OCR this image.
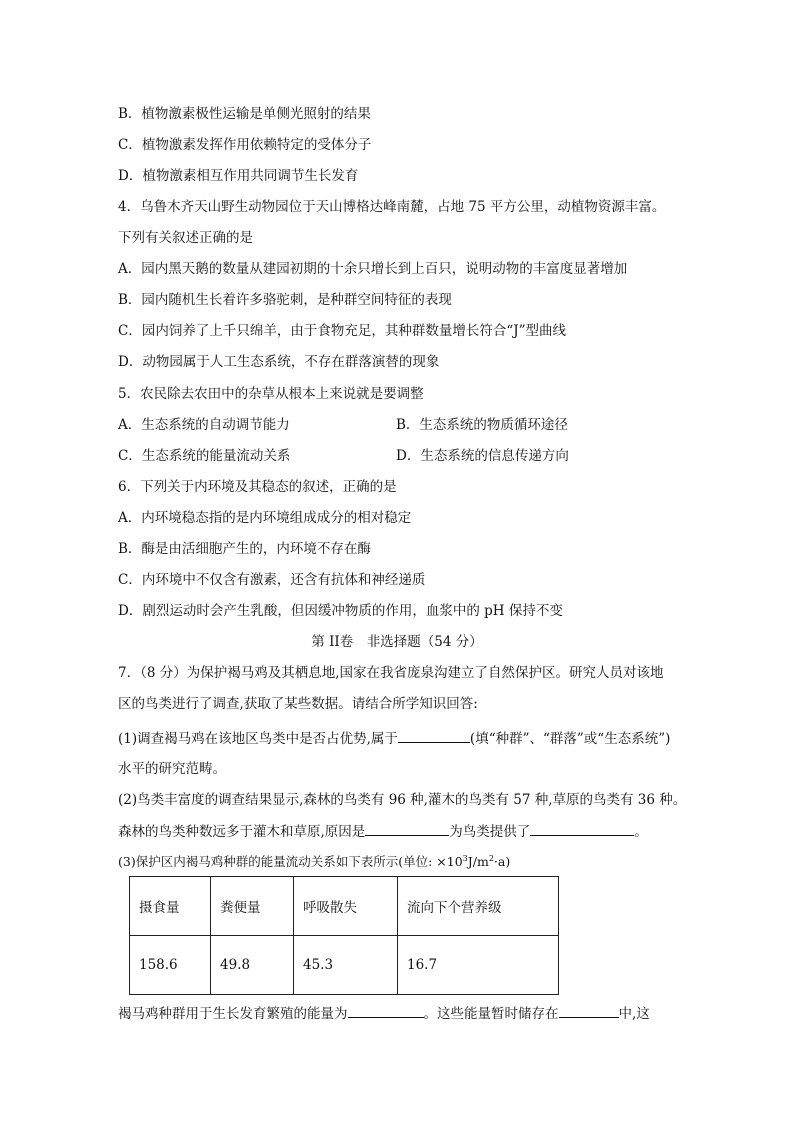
B．植物激素极性运输是单侧光照射的结果
C．植物激素发挥作用依赖特定的受体分子
D．植物激素相互作用共同调节生长发育
4．乌鲁木齐天山野生动物园位于天山博格达峰南麓，占地 75 平方公里，动植物资源丰富。
下列有关叙述正确的是
A．园内黑天鹅的数量从建园初期的十余只增长到上百只，说明动物的丰富度显著增加
B．园内随机生长着许多骆驼刺，是种群空间特征的表现
C．园内饲养了上千只绵羊，由于食物充足，其种群数量增长符合“J”型曲线
D．动物园属于人工生态系统，不存在群落演替的现象
5．农民除去农田中的杂草从根本上来说就是要调整
A．生态系统的自动调节能力	B．生态系统的物质循环途径
C．生态系统的能量流动关系	D．生态系统的信息传递方向
6．下列关于内环境及其稳态的叙述，正确的是
A．内环境稳态指的是内环境组成成分的相对稳定
B．酶是由活细胞产生的，内环境不存在酶
C．内环境中不仅含有激素，还含有抗体和神经递质
D．剧烈运动时会产生乳酸，但因缓冲物质的作用，血浆中的 pH 保持不变
第 II卷　非选择题（54 分）
7．（8 分）为保护褐马鸡及其栖息地,国家在我省庞泉沟建立了自然保护区。研究人员对该地
区的鸟类进行了调查,获取了某些数据。请结合所学知识回答:
(1)调查褐马鸡在该地区鸟类中是否占优势,属于	(填“种群”、“群落”或“生态系统”)
水平的研究范畴。
(2)鸟类丰富度的调查结果显示,森林的鸟类有 96 种,灌木的鸟类有 57 种,草原的鸟类有 36 种。
森林的鸟类种数远多于灌木和草原,原因是	为鸟类提供了	。
(3)保护区内褐马鸡种群的能量流动关系如下表所示(单位: $\times 10^3J/m^2\cdot a$)
摄食量	粪便量	呼吸散失	流向下个营养级
158.6	49.8	45.3	16.7
褐马鸡种群用于生长发育繁殖的能量为	。这些能量暂时储存在	中,这
